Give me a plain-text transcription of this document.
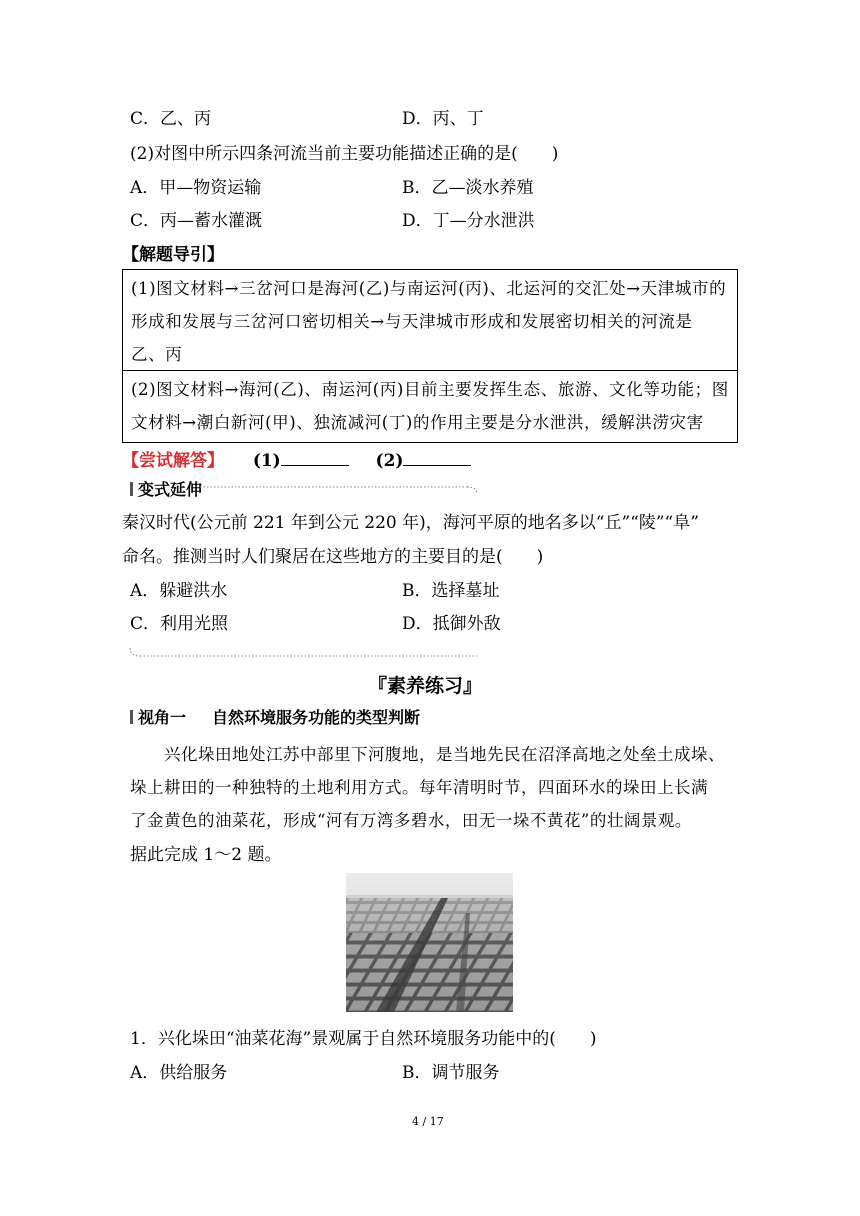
C．乙、丙	D．丙、丁
(2)对图中所示四条河流当前主要功能描述正确的是(　　)
A．甲—物资运输	B．乙—淡水养殖
C．丙—蓄水灌溉	D．丁—分水泄洪
【解题导引】
(1)图文材料→三岔河口是海河(乙)与南运河(丙)、北运河的交汇处→天津城市的
形成和发展与三岔河口密切相关→与天津城市形成和发展密切相关的河流是
乙、丙
(2)图文材料→海河(乙)、南运河(丙)目前主要发挥生态、旅游、文化等功能；图
文材料→潮白新河(甲)、独流减河(丁)的作用主要是分水泄洪，缓解洪涝灾害
【尝试解答】 (1)	(2)
变式延伸
秦汉时代(公元前 221 年到公元 220 年)，海河平原的地名多以“丘”“陵”“阜”
命名。推测当时人们聚居在这些地方的主要目的是(　　)
A．躲避洪水	B．选择墓址
C．利用光照	D．抵御外敌
『素养练习』
视角一 自然环境服务功能的类型判断
兴化垛田地处江苏中部里下河腹地，是当地先民在沼泽高地之处垒土成垛、
垛上耕田的一种独特的土地利用方式。每年清明时节，四面环水的垛田上长满
了金黄色的油菜花，形成“河有万湾多碧水，田无一垛不黄花”的壮阔景观。
据此完成 1～2 题。
1．兴化垛田“油菜花海”景观属于自然环境服务功能中的(　　)
A．供给服务	B．调节服务
4 / 17
